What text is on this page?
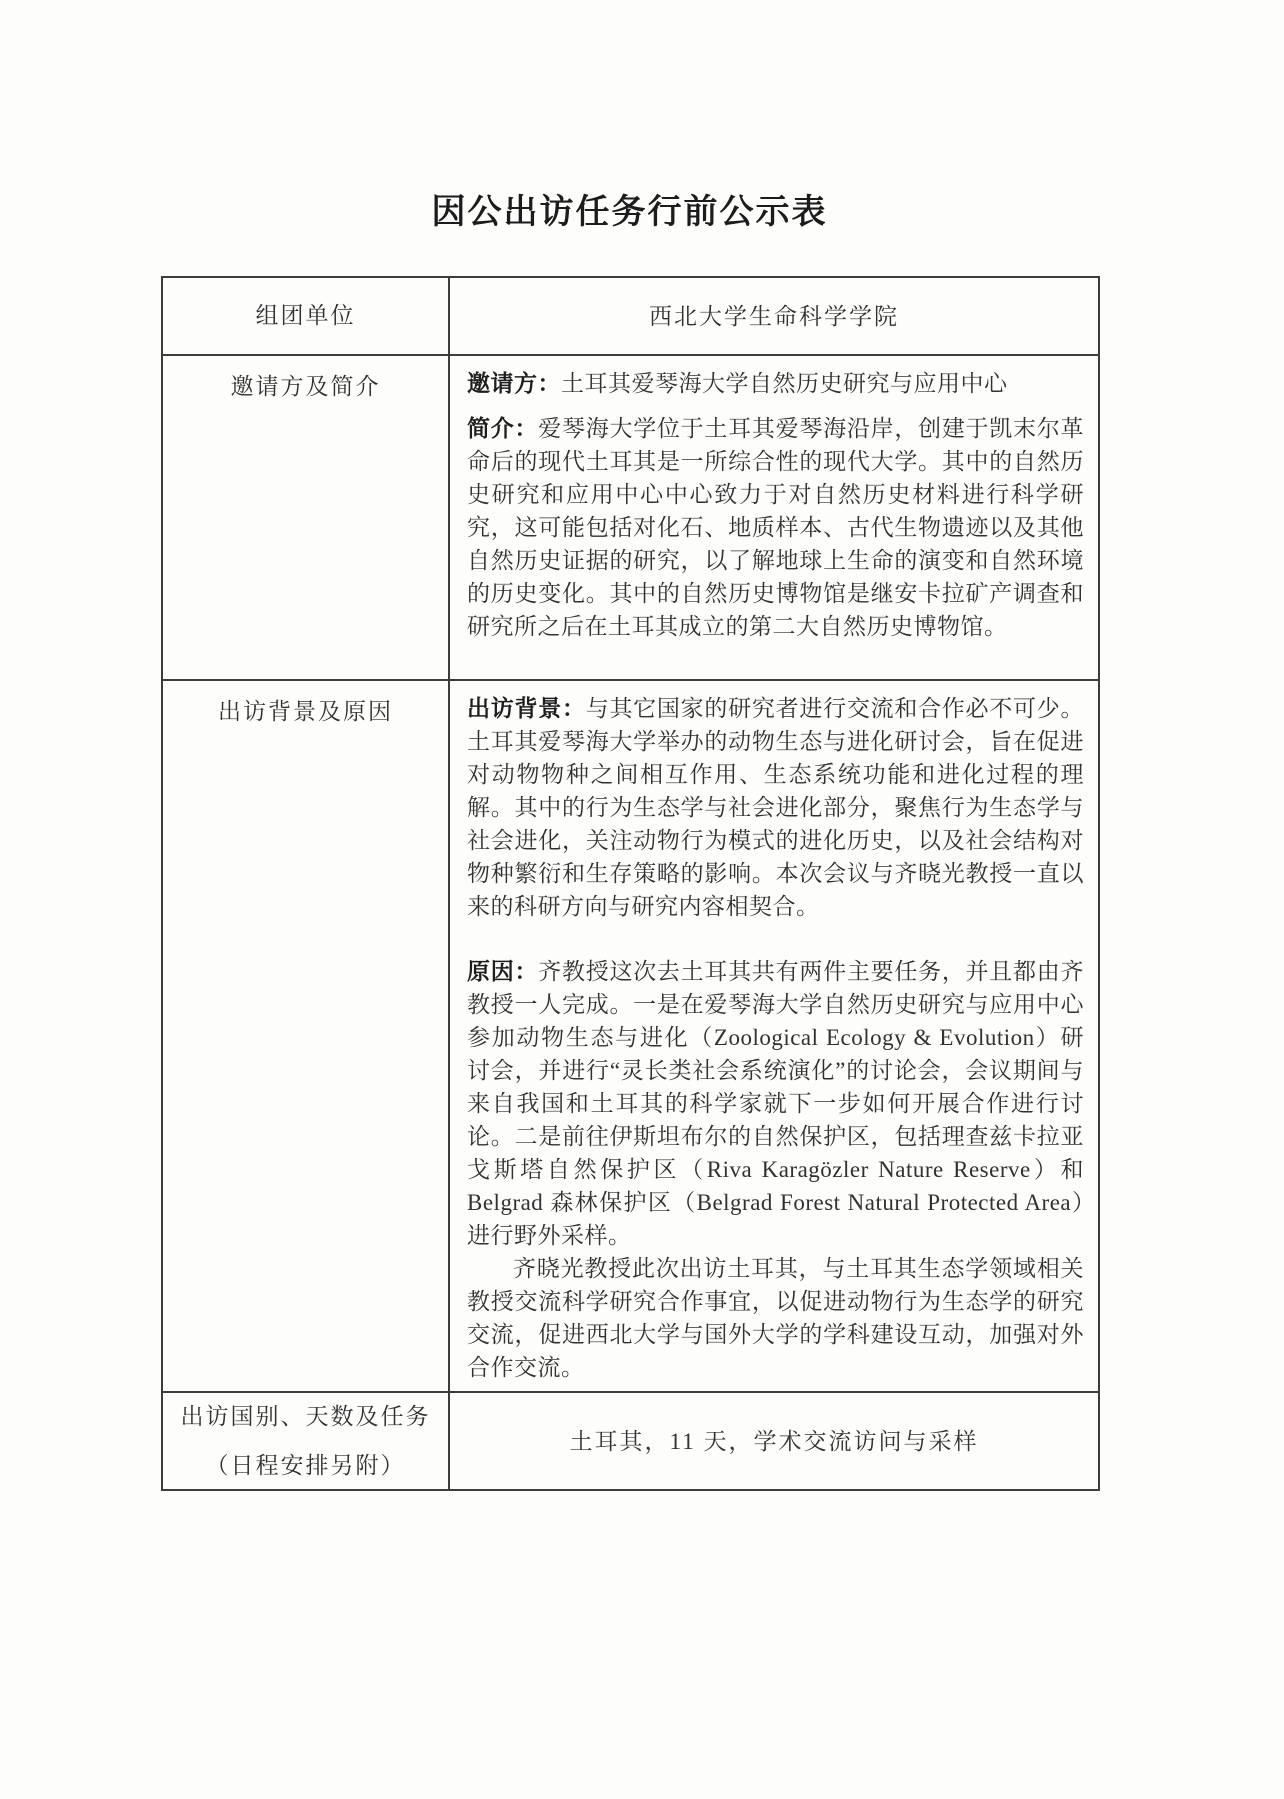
因公出访任务行前公示表
组团单位	西北大学生命科学学院
邀请方及简介	邀请方：土耳其爱琴海大学自然历史研究与应用中心

简介：爱琴海大学位于土耳其爱琴海沿岸，创建于凯末尔革命后的现代土耳其是一所综合性的现代大学。其中的自然历史研究和应用中心中心致力于对自然历史材料进行科学研究，这可能包括对化石、地质样本、古代生物遗迹以及其他自然历史证据的研究，以了解地球上生命的演变和自然环境的历史变化。其中的自然历史博物馆是继安卡拉矿产调查和研究所之后在土耳其成立的第二大自然历史博物馆。

出访背景及原因	出访背景：与其它国家的研究者进行交流和合作必不可少。土耳其爱琴海大学举办的动物生态与进化研讨会，旨在促进对动物物种之间相互作用、生态系统功能和进化过程的理解。其中的行为生态学与社会进化部分，聚焦行为生态学与社会进化，关注动物行为模式的进化历史，以及社会结构对物种繁衍和生存策略的影响。本次会议与齐晓光教授一直以来的科研方向与研究内容相契合。

原因：齐教授这次去土耳其共有两件主要任务，并且都由齐教授一人完成。一是在爱琴海大学自然历史研究与应用中心参加动物生态与进化（Zoological Ecology & Evolution）研讨会，并进行“灵长类社会系统演化”的讨论会，会议期间与来自我国和土耳其的科学家就下一步如何开展合作进行讨论。二是前往伊斯坦布尔的自然保护区，包括理查兹卡拉亚戈斯塔自然保护区（Riva Karagözler Nature Reserve）和 Belgrad 森林保护区（Belgrad Forest Natural Protected Area）进行野外采样。

齐晓光教授此次出访土耳其，与土耳其生态学领域相关教授交流科学研究合作事宜，以促进动物行为生态学的研究交流，促进西北大学与国外大学的学科建设互动，加强对外合作交流。

出访国别、天数及任务
（日程安排另附）	土耳其，11 天，学术交流访问与采样
